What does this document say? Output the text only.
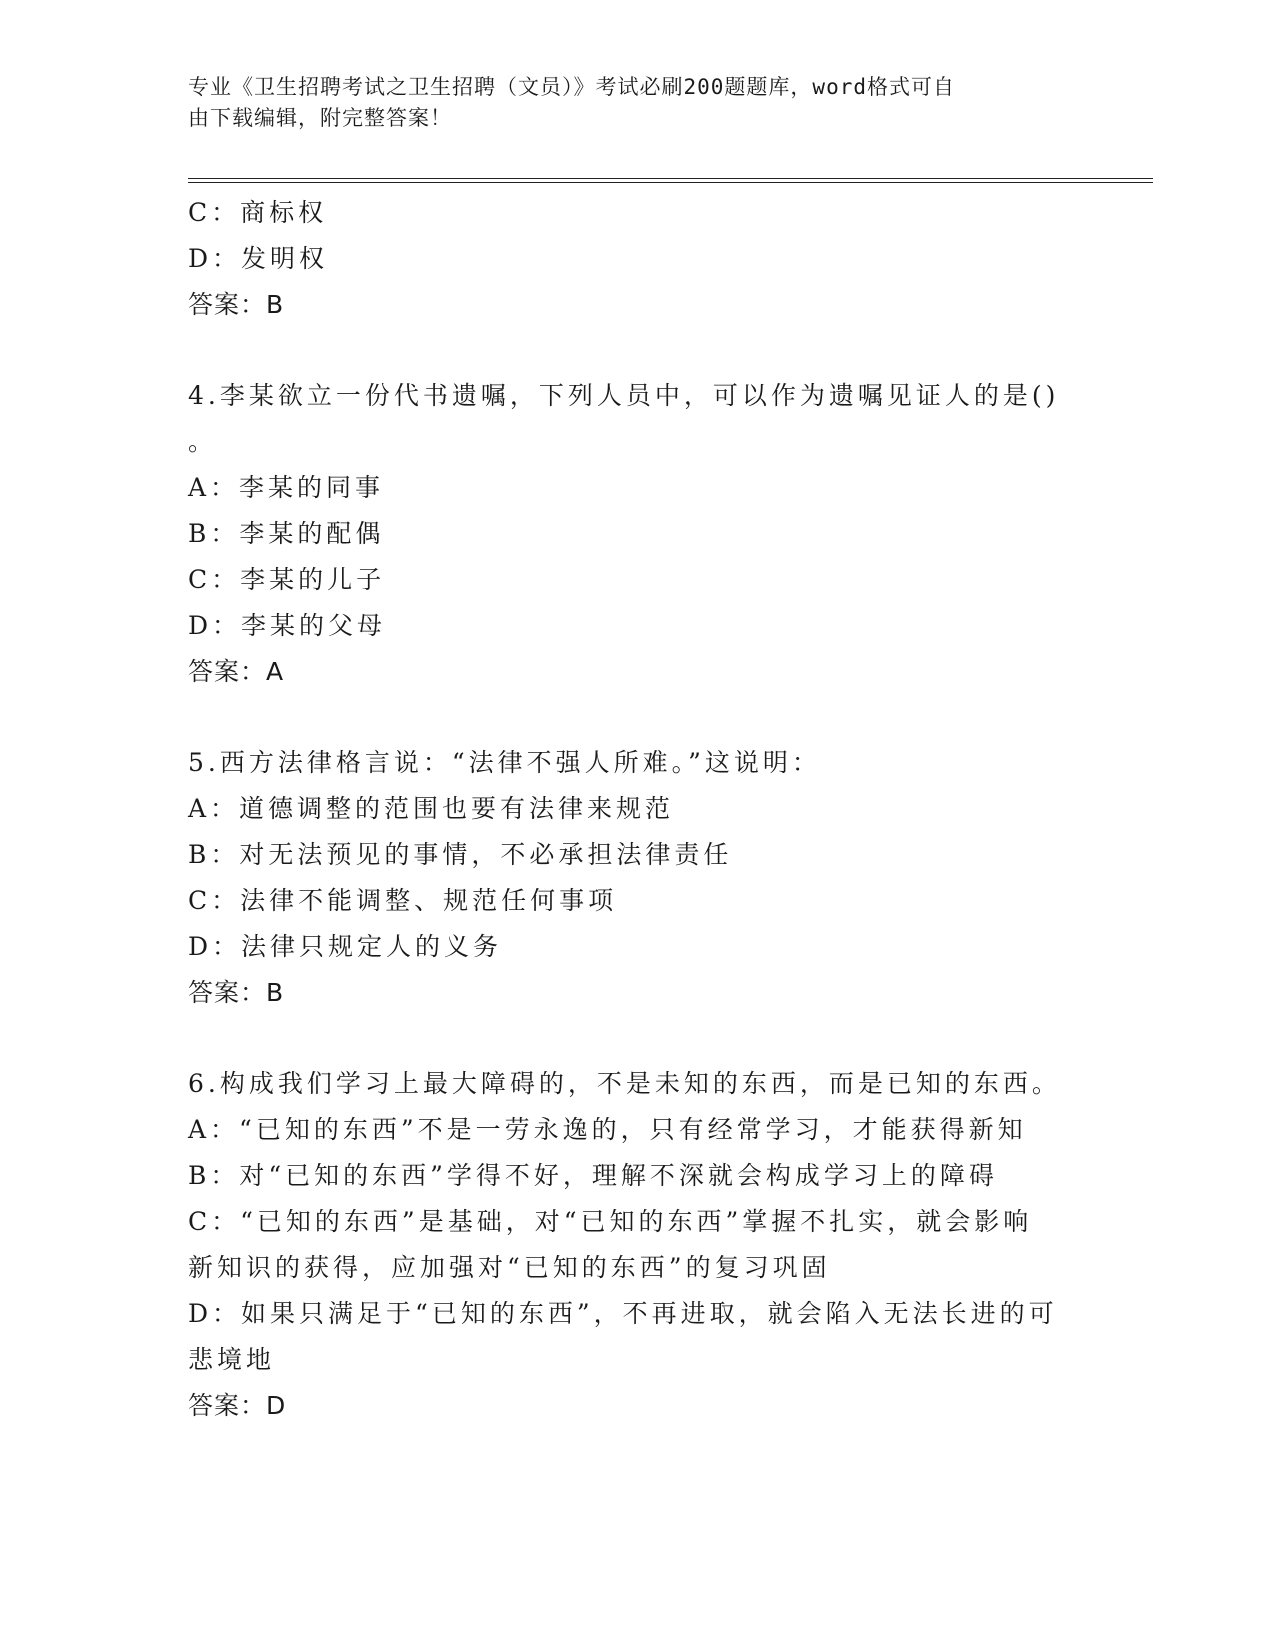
专业《卫生招聘考试之卫生招聘（文员）》考试必刷200题题库，word格式可自
由下载编辑，附完整答案！
C：商标权
D：发明权
答案：B
4.李某欲立一份代书遗嘱，下列人员中，可以作为遗嘱见证人的是()
。
A：李某的同事
B：李某的配偶
C：李某的儿子
D：李某的父母
答案：A
5.西方法律格言说：“法律不强人所难。”这说明：
A：道德调整的范围也要有法律来规范
B：对无法预见的事情，不必承担法律责任
C：法律不能调整、规范任何事项
D：法律只规定人的义务
答案：B
6.构成我们学习上最大障碍的，不是未知的东西，而是已知的东西。
A：“已知的东西”不是一劳永逸的，只有经常学习，才能获得新知
B：对“已知的东西”学得不好，理解不深就会构成学习上的障碍
C：“已知的东西”是基础，对“已知的东西”掌握不扎实，就会影响
新知识的获得，应加强对“已知的东西”的复习巩固
D：如果只满足于“已知的东西”，不再进取，就会陷入无法长进的可
悲境地
答案：D
